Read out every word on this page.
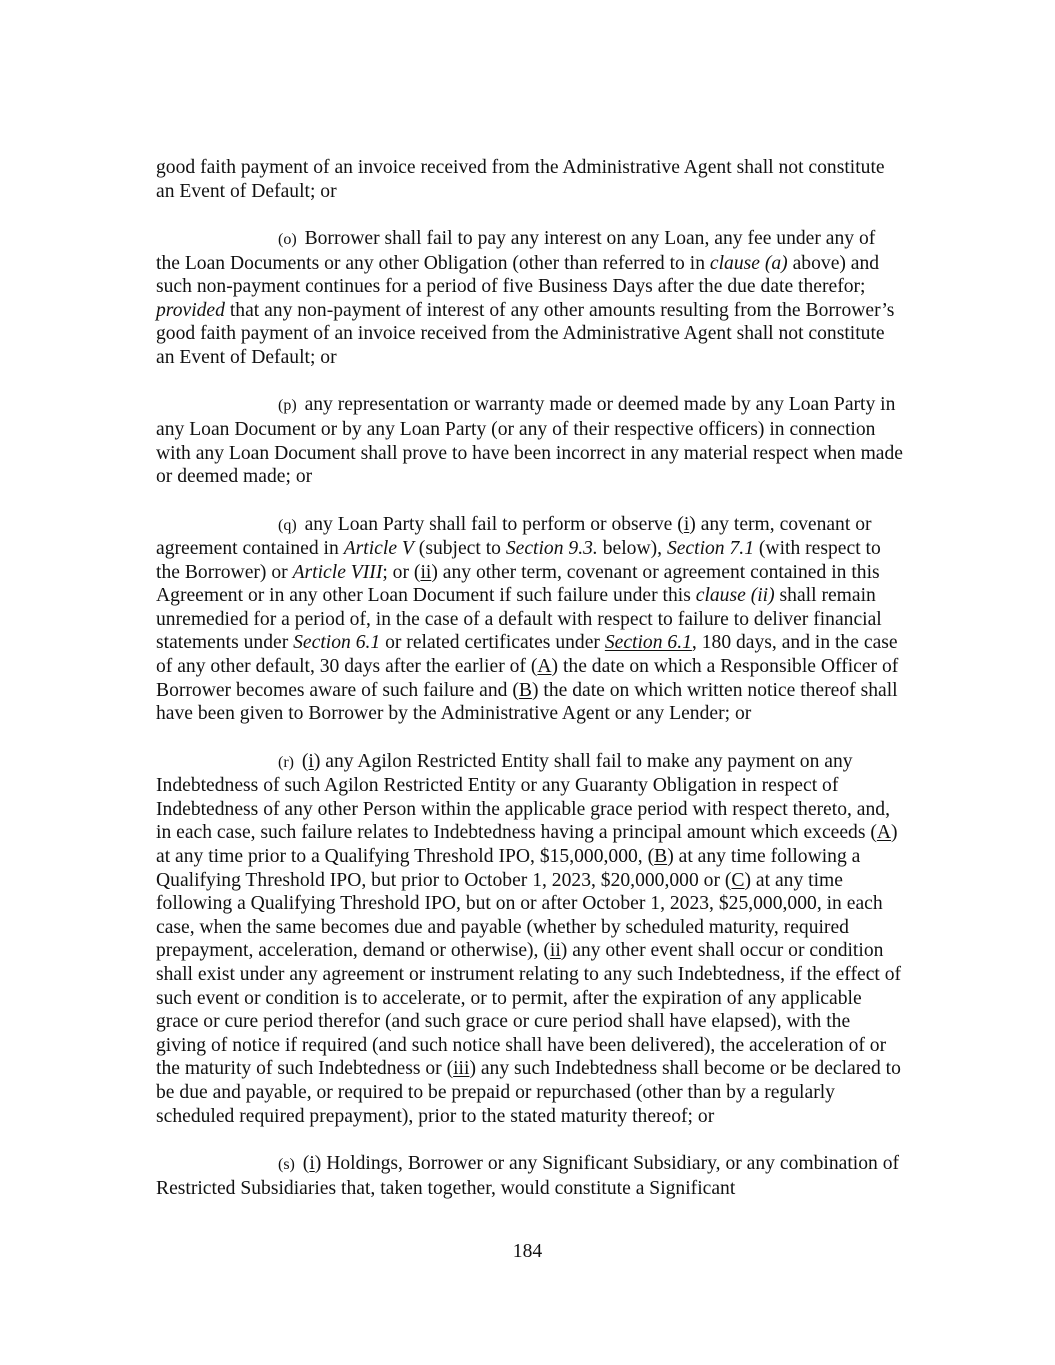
good faith payment of an invoice received from the Administrative Agent shall not constitute an Event of Default; or

(o) Borrower shall fail to pay any interest on any Loan, any fee under any of the Loan Documents or any other Obligation (other than referred to in clause (a) above) and such non-payment continues for a period of five Business Days after the due date therefor; provided that any non-payment of interest of any other amounts resulting from the Borrower’s good faith payment of an invoice received from the Administrative Agent shall not constitute an Event of Default; or

(p) any representation or warranty made or deemed made by any Loan Party in any Loan Document or by any Loan Party (or any of their respective officers) in connection with any Loan Document shall prove to have been incorrect in any material respect when made or deemed made; or

(q) any Loan Party shall fail to perform or observe (i) any term, covenant or agreement contained in Article V (subject to Section 9.3. below), Section 7.1 (with respect to the Borrower) or Article VIII; or (ii) any other term, covenant or agreement contained in this Agreement or in any other Loan Document if such failure under this clause (ii) shall remain unremedied for a period of, in the case of a default with respect to failure to deliver financial statements under Section 6.1 or related certificates under Section 6.1, 180 days, and in the case of any other default, 30 days after the earlier of (A) the date on which a Responsible Officer of Borrower becomes aware of such failure and (B) the date on which written notice thereof shall have been given to Borrower by the Administrative Agent or any Lender; or

(r) (i) any Agilon Restricted Entity shall fail to make any payment on any Indebtedness of such Agilon Restricted Entity or any Guaranty Obligation in respect of Indebtedness of any other Person within the applicable grace period with respect thereto, and, in each case, such failure relates to Indebtedness having a principal amount which exceeds (A) at any time prior to a Qualifying Threshold IPO, $15,000,000, (B) at any time following a Qualifying Threshold IPO, but prior to October 1, 2023, $20,000,000 or (C) at any time following a Qualifying Threshold IPO, but on or after October 1, 2023, $25,000,000, in each case, when the same becomes due and payable (whether by scheduled maturity, required prepayment, acceleration, demand or otherwise), (ii) any other event shall occur or condition shall exist under any agreement or instrument relating to any such Indebtedness, if the effect of such event or condition is to accelerate, or to permit, after the expiration of any applicable grace or cure period therefor (and such grace or cure period shall have elapsed), with the giving of notice if required (and such notice shall have been delivered), the acceleration of or the maturity of such Indebtedness or (iii) any such Indebtedness shall become or be declared to be due and payable, or required to be prepaid or repurchased (other than by a regularly scheduled required prepayment), prior to the stated maturity thereof; or

(s) (i) Holdings, Borrower or any Significant Subsidiary, or any combination of Restricted Subsidiaries that, taken together, would constitute a Significant

184
